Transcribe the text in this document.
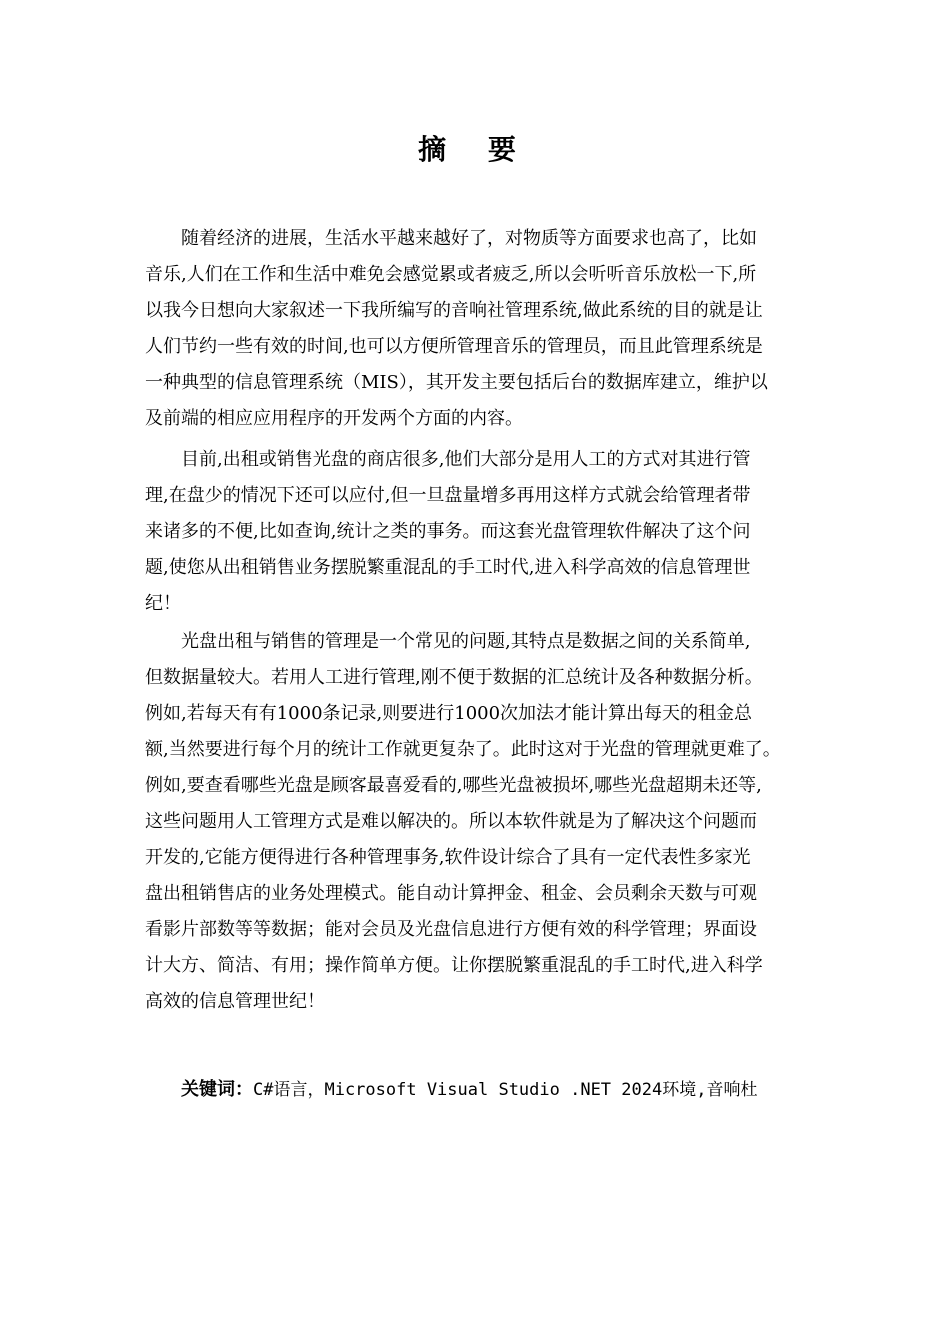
摘 要
随着经济的进展，生活水平越来越好了，对物质等方面要求也高了，比如
音乐,人们在工作和生活中难免会感觉累或者疲乏,所以会听听音乐放松一下,所
以我今日想向大家叙述一下我所编写的音响社管理系统,做此系统的目的就是让
人们节约一些有效的时间,也可以方便所管理音乐的管理员，而且此管理系统是
一种典型的信息管理系统（MIS），其开发主要包括后台的数据库建立，维护以
及前端的相应应用程序的开发两个方面的内容。
目前,出租或销售光盘的商店很多,他们大部分是用人工的方式对其进行管
理,在盘少的情况下还可以应付,但一旦盘量增多再用这样方式就会给管理者带
来诸多的不便,比如查询,统计之类的事务。而这套光盘管理软件解决了这个问
题,使您从出租销售业务摆脱繁重混乱的手工时代,进入科学高效的信息管理世
纪！
光盘出租与销售的管理是一个常见的问题,其特点是数据之间的关系简单,
但数据量较大。若用人工进行管理,刚不便于数据的汇总统计及各种数据分析。
例如,若每天有有1000条记录,则要进行1000次加法才能计算出每天的租金总
额,当然要进行每个月的统计工作就更复杂了。此时这对于光盘的管理就更难了。
例如,要查看哪些光盘是顾客最喜爱看的,哪些光盘被损坏,哪些光盘超期未还等,
这些问题用人工管理方式是难以解决的。所以本软件就是为了解决这个问题而
开发的,它能方便得进行各种管理事务,软件设计综合了具有一定代表性多家光
盘出租销售店的业务处理模式。能自动计算押金、租金、会员剩余天数与可观
看影片部数等等数据；能对会员及光盘信息进行方便有效的科学管理；界面设
计大方、简洁、有用；操作简单方便。让你摆脱繁重混乱的手工时代,进入科学
高效的信息管理世纪！
关键词：C#语言，Microsoft Visual Studio .NET 2024环境,音响杜
